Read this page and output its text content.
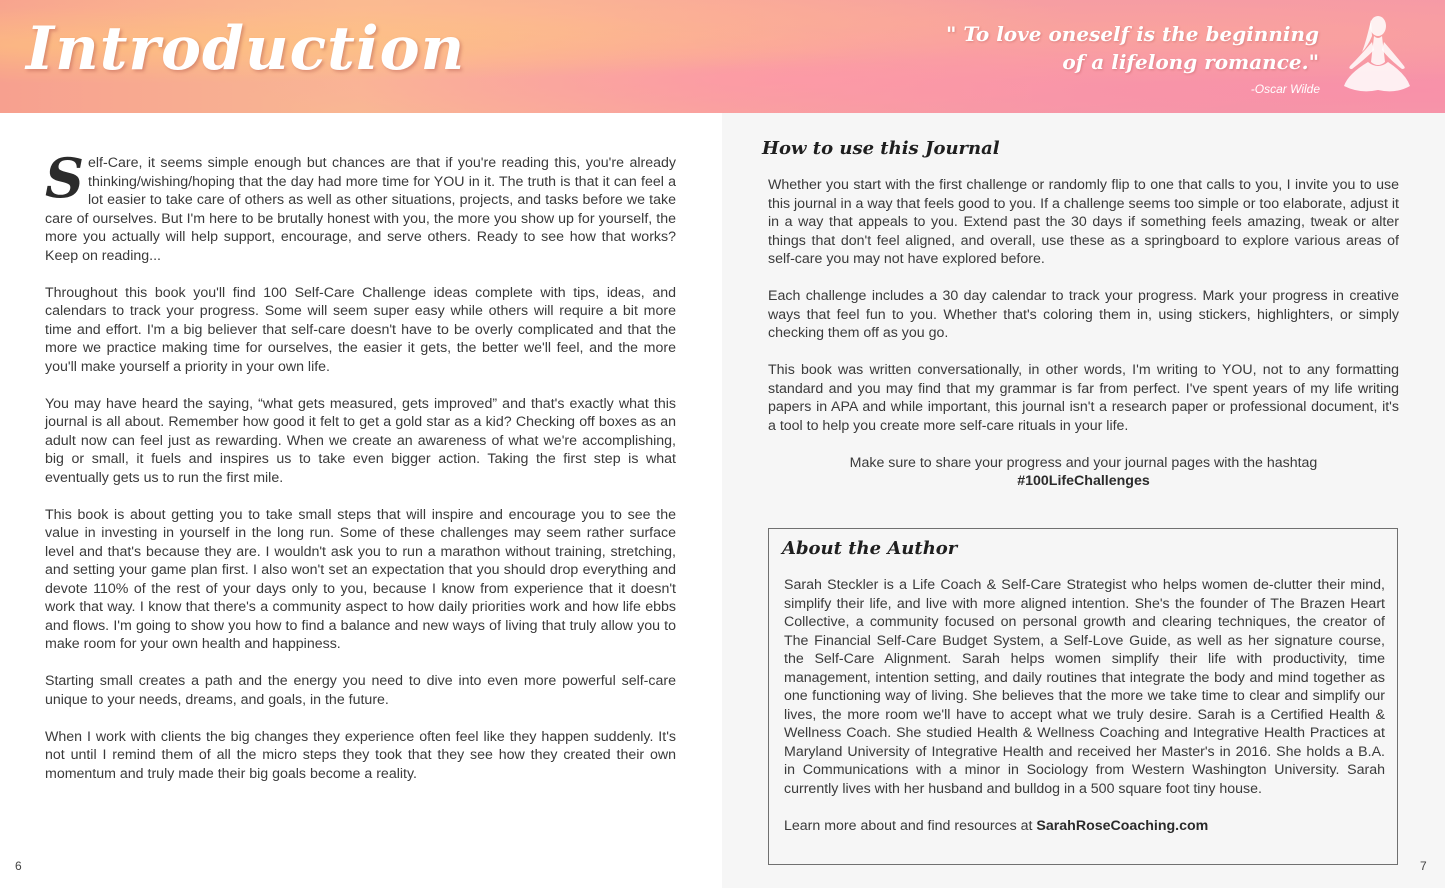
Introduction	" To love oneself is the beginning
of a lifelong romance."
-Oscar Wilde

Self-Care, it seems simple enough but chances are that if you're reading this, you're already thinking/wishing/hoping that the day had more time for YOU in it. The truth is that it can feel a lot easier to take care of others as well as other situations, projects, and tasks before we take care of ourselves. But I'm here to be brutally honest with you, the more you show up for yourself, the more you actually will help support, encourage, and serve others. Ready to see how that works? Keep on reading...

Throughout this book you'll find 100 Self-Care Challenge ideas complete with tips, ideas, and calendars to track your progress. Some will seem super easy while others will require a bit more time and effort. I'm a big believer that self-care doesn't have to be overly complicated and that the more we practice making time for ourselves, the easier it gets, the better we'll feel, and the more you'll make yourself a priority in your own life.

You may have heard the saying, “what gets measured, gets improved” and that's exactly what this journal is all about. Remember how good it felt to get a gold star as a kid? Checking off boxes as an adult now can feel just as rewarding. When we create an awareness of what we're accomplishing, big or small, it fuels and inspires us to take even bigger action. Taking the first step is what eventually gets us to run the first mile.

This book is about getting you to take small steps that will inspire and encourage you to see the value in investing in yourself in the long run. Some of these challenges may seem rather surface level and that's because they are. I wouldn't ask you to run a marathon without training, stretching, and setting your game plan first. I also won't set an expectation that you should drop everything and devote 110% of the rest of your days only to you, because I know from experience that it doesn't work that way. I know that there's a community aspect to how daily priorities work and how life ebbs and flows. I'm going to show you how to find a balance and new ways of living that truly allow you to make room for your own health and happiness.

Starting small creates a path and the energy you need to dive into even more powerful self-care unique to your needs, dreams, and goals, in the future.

When I work with clients the big changes they experience often feel like they happen suddenly. It's not until I remind them of all the micro steps they took that they see how they created their own momentum and truly made their big goals become a reality.

How to use this Journal

Whether you start with the first challenge or randomly flip to one that calls to you, I invite you to use this journal in a way that feels good to you. If a challenge seems too simple or too elaborate, adjust it in a way that appeals to you. Extend past the 30 days if something feels amazing, tweak or alter things that don't feel aligned, and overall, use these as a springboard to explore various areas of self-care you may not have explored before.

Each challenge includes a 30 day calendar to track your progress. Mark your progress in creative ways that feel fun to you. Whether that's coloring them in, using stickers, highlighters, or simply checking them off as you go.

This book was written conversationally, in other words, I'm writing to YOU, not to any formatting standard and you may find that my grammar is far from perfect. I've spent years of my life writing papers in APA and while important, this journal isn't a research paper or professional document, it's a tool to help you create more self-care rituals in your life.

Make sure to share your progress and your journal pages with the hashtag
#100LifeChallenges

About the Author

Sarah Steckler is a Life Coach & Self-Care Strategist who helps women de-clutter their mind, simplify their life, and live with more aligned intention. She's the founder of The Brazen Heart Collective, a community focused on personal growth and clearing techniques, the creator of The Financial Self-Care Budget System, a Self-Love Guide, as well as her signature course, the Self-Care Alignment. Sarah helps women simplify their life with productivity, time management, intention setting, and daily routines that integrate the body and mind together as one functioning way of living. She believes that the more we take time to clear and simplify our lives, the more room we'll have to accept what we truly desire. Sarah is a Certified Health & Wellness Coach. She studied Health & Wellness Coaching and Integrative Health Practices at Maryland University of Integrative Health and received her Master's in 2016. She holds a B.A. in Communications with a minor in Sociology from Western Washington University. Sarah currently lives with her husband and bulldog in a 500 square foot tiny house.

Learn more about and find resources at SarahRoseCoaching.com

6	7
